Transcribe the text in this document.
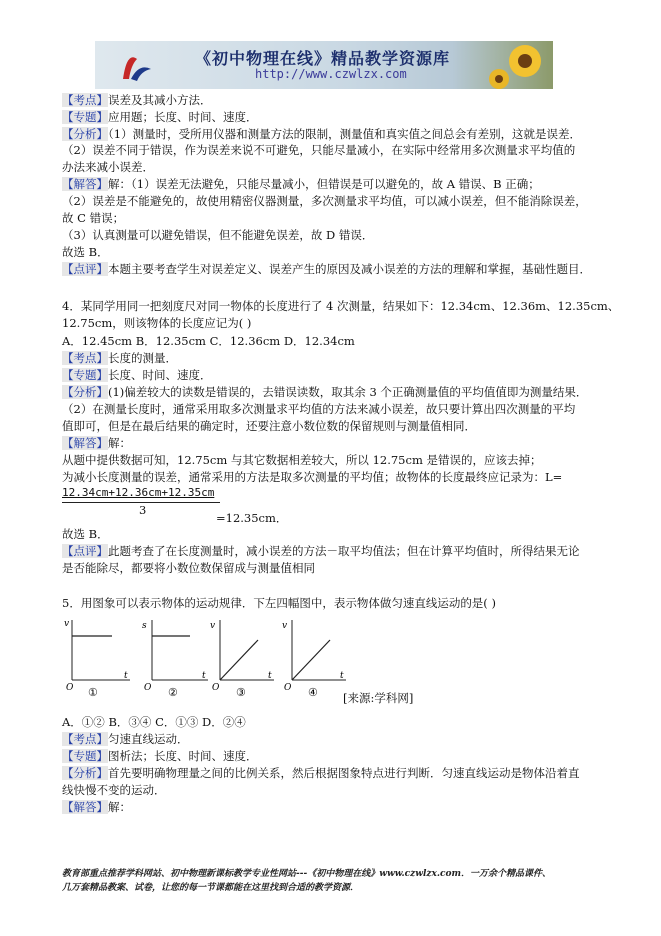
《初中物理在线》精品教学资源库
http://www.czwlzx.com
【考点】误差及其减小方法．
【专题】应用题；长度、时间、速度．
【分析】（1）测量时，受所用仪器和测量方法的限制，测量值和真实值之间总会有差别，这就是误差．
（2）误差不同于错误，作为误差来说不可避免，只能尽量减小，在实际中经常用多次测量求平均值的
办法来减小误差．
【解答】解：（1）误差无法避免，只能尽量减小，但错误是可以避免的，故 A 错误、B 正确；
（2）误差是不能避免的，故使用精密仪器测量，多次测量求平均值，可以减小误差，但不能消除误差，
故 C 错误；
（3）认真测量可以避免错误，但不能避免误差，故 D 错误．
故选 B．
【点评】本题主要考查学生对误差定义、误差产生的原因及减小误差的方法的理解和掌握，基础性题目．
4．某同学用同一把刻度尺对同一物体的长度进行了 4 次测量，结果如下：12.34cm、12.36m、12.35cm、
12.75cm，则该物体的长度应记为( )
A．12.45cm B．12.35cm C．12.36cm D．12.34cm
【考点】长度的测量．
【专题】长度、时间、速度．
【分析】(1)偏差较大的读数是错误的，去错误读数，取其余 3 个正确测量值的平均值值即为测量结果．
（2）在测量长度时，通常采用取多次测量求平均值的方法来减小误差，故只要计算出四次测量的平均
值即可，但是在最后结果的确定时，还要注意小数位数的保留规则与测量值相同．
【解答】解：
从题中提供数据可知，12.75cm 与其它数据相差较大，所以 12.75cm 是错误的，应该去掉；
为减小长度测量的误差，通常采用的方法是取多次测量的平均值；故物体的长度最终应记录为：L=
12.34cm+12.36cm+12.35cm
3
=12.35cm．
故选 B．
【点评】此题考查了在长度测量时，减小误差的方法－取平均值法；但在计算平均值时，所得结果无论
是否能除尽，都要将小数位数保留成与测量值相同
5．用图象可以表示物体的运动规律．下左四幅图中，表示物体做匀速直线运动的是( )
v
t
O ①
s
t
O ②
v
t
O ③
v
t
O ④ [来源:学科网]
A．①② B．③④ C．①③ D．②④
【考点】匀速直线运动．
【专题】图析法；长度、时间、速度．
【分析】首先要明确物理量之间的比例关系，然后根据图象特点进行判断．匀速直线运动是物体沿着直
线快慢不变的运动．
【解答】解：
教育部重点推荐学科网站、初中物理新课标教学专业性网站---《初中物理在线》www.czwlzx.com．一万余个精品课件、
几万套精品教案、试卷，让您的每一节课都能在这里找到合适的教学资源．
